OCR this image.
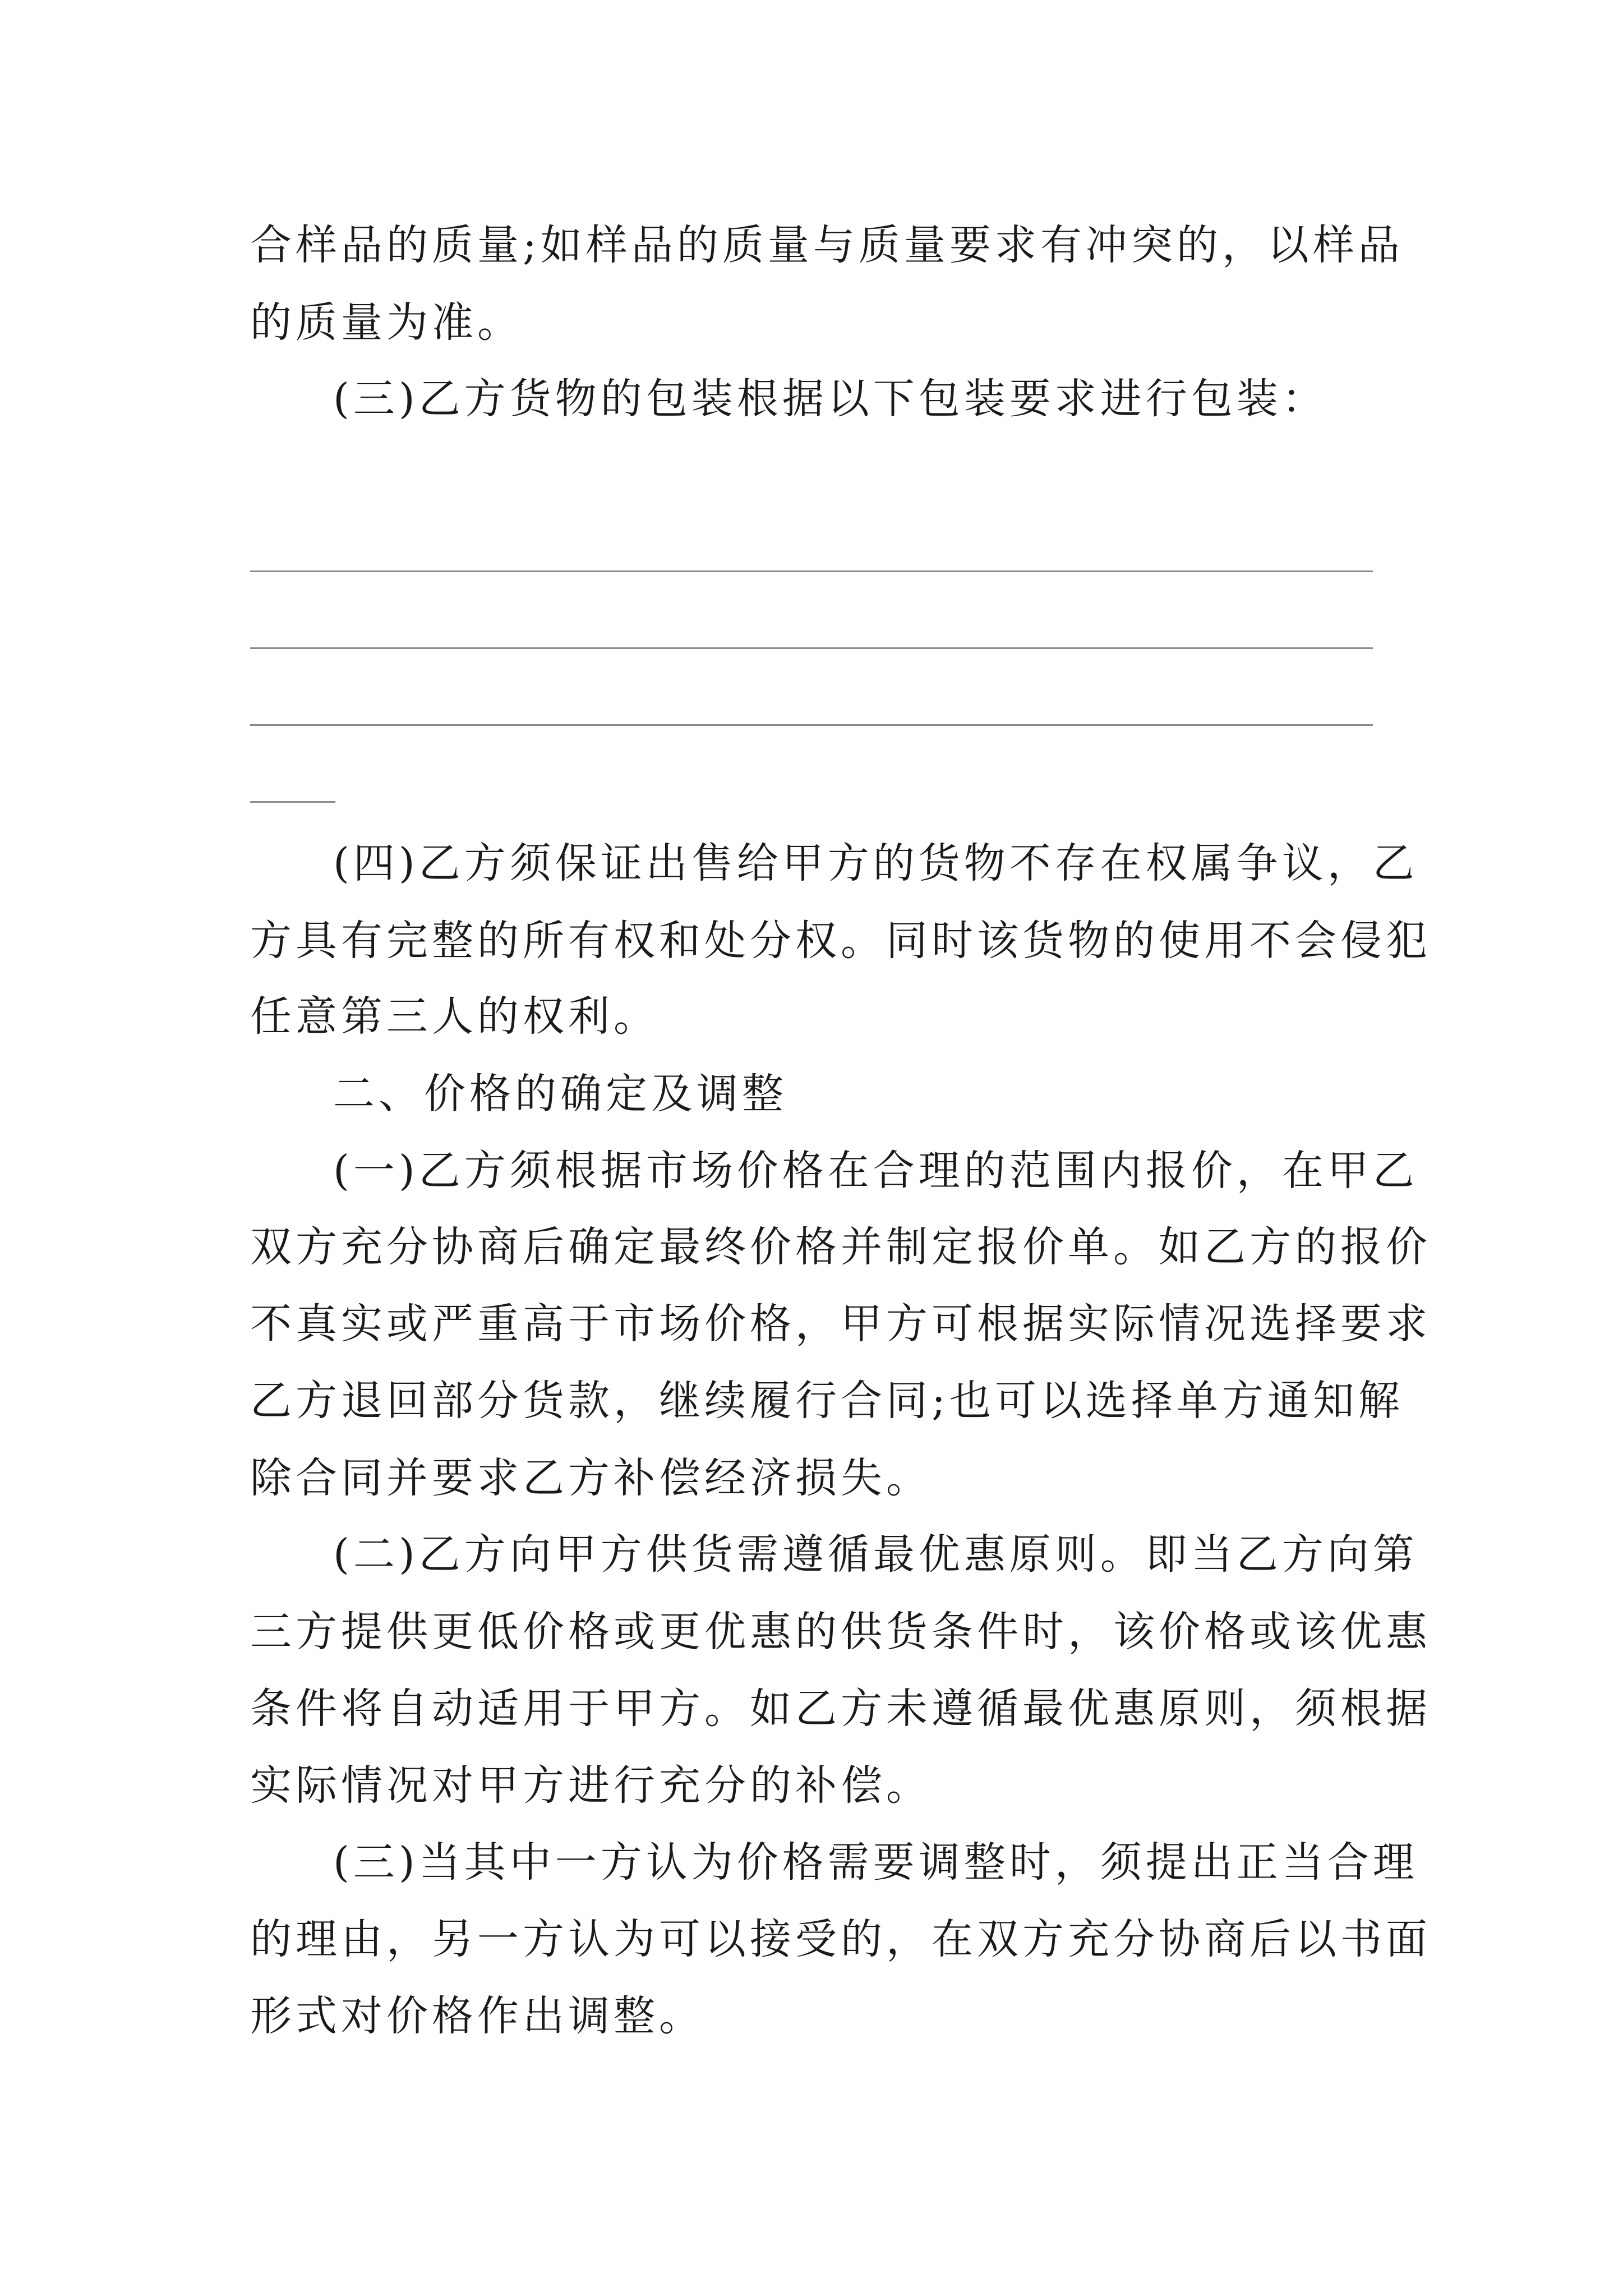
合样品的质量;如样品的质量与质量要求有冲突的，以样品
的质量为准。
(三)乙方货物的包装根据以下包装要求进行包装：
(四)乙方须保证出售给甲方的货物不存在权属争议，乙
方具有完整的所有权和处分权。同时该货物的使用不会侵犯
任意第三人的权利。
二、价格的确定及调整
(一)乙方须根据市场价格在合理的范围内报价，在甲乙
双方充分协商后确定最终价格并制定报价单。如乙方的报价
不真实或严重高于市场价格，甲方可根据实际情况选择要求
乙方退回部分货款，继续履行合同;也可以选择单方通知解
除合同并要求乙方补偿经济损失。
(二)乙方向甲方供货需遵循最优惠原则。即当乙方向第
三方提供更低价格或更优惠的供货条件时，该价格或该优惠
条件将自动适用于甲方。如乙方未遵循最优惠原则，须根据
实际情况对甲方进行充分的补偿。
(三)当其中一方认为价格需要调整时，须提出正当合理
的理由，另一方认为可以接受的，在双方充分协商后以书面
形式对价格作出调整。
